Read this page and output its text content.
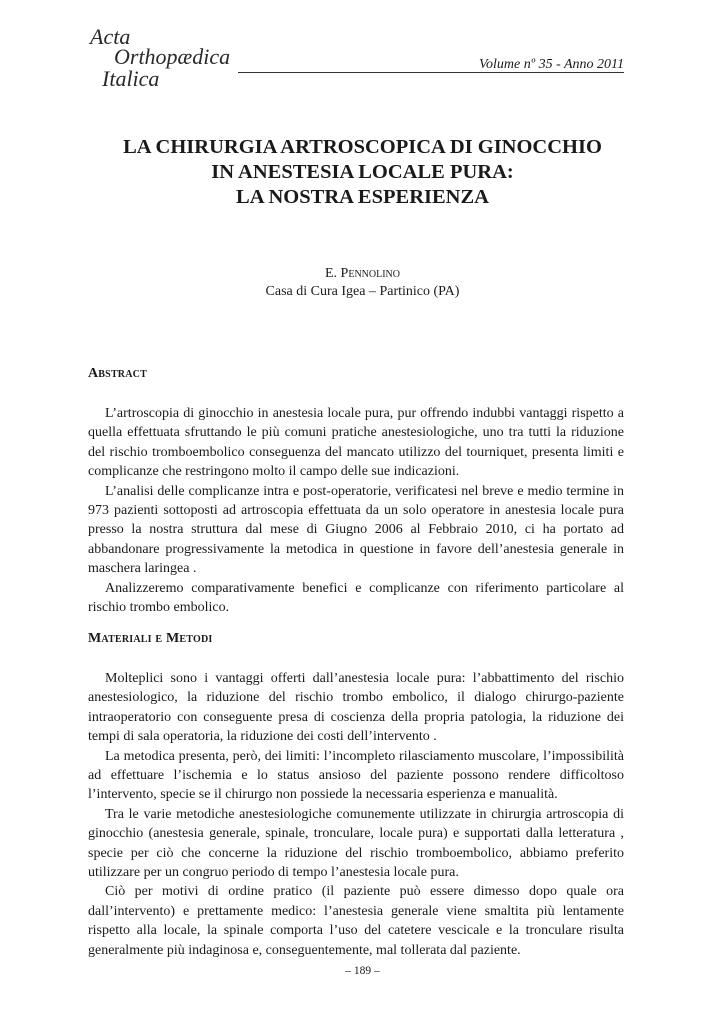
Acta
Orthopædica
Italica
Volume nº 35 - Anno 2011
LA CHIRURGIA ARTROSCOPICA DI GINOCCHIO
IN ANESTESIA LOCALE PURA:
LA NOSTRA ESPERIENZA
E. Pennolino
Casa di Cura Igea – Partinico (PA)
Abstract

L’artroscopia di ginocchio in anestesia locale pura, pur offrendo indubbi vantaggi rispetto a quella effettuata sfruttando le più comuni pratiche anestesiologiche, uno tra tutti la riduzione del rischio tromboembolico conseguenza del mancato utilizzo del tourniquet, presenta limiti e complicanze che restringono molto il campo delle sue indicazioni.

L’analisi delle complicanze intra e post-operatorie, verificatesi nel breve e medio termine in 973 pazienti sottoposti ad artroscopia effettuata da un solo operatore in anestesia locale pura presso la nostra struttura dal mese di Giugno 2006 al Febbraio 2010, ci ha portato ad abbandonare progressivamente la metodica in questione in favore dell’anestesia generale in maschera laringea .

Analizzeremo comparativamente benefici e complicanze con riferimento particolare al rischio trombo embolico.

Materiali e Metodi

Molteplici sono i vantaggi offerti dall’anestesia locale pura: l’abbattimento del rischio anestesiologico, la riduzione del rischio trombo embolico, il dialogo chirurgo-paziente intraoperatorio con conseguente presa di coscienza della propria patologia, la riduzione dei tempi di sala operatoria, la riduzione dei costi dell’intervento .

La metodica presenta, però, dei limiti: l’incompleto rilasciamento muscolare, l’impossibilità ad effettuare l’ischemia e lo status ansioso del paziente possono rendere difficoltoso l’intervento, specie se il chirurgo non possiede la necessaria esperienza e manualità.

Tra le varie metodiche anestesiologiche comunemente utilizzate in chirurgia artroscopia di ginocchio (anestesia generale, spinale, tronculare, locale pura) e supportati dalla letteratura , specie per ciò che concerne la riduzione del rischio tromboembolico, abbiamo preferito utilizzare per un congruo periodo di tempo l’anestesia locale pura.

Ciò per motivi di ordine pratico (il paziente può essere dimesso dopo quale ora dall’intervento) e prettamente medico: l’anestesia generale viene smaltita più lentamente rispetto alla locale, la spinale comporta l’uso del catetere vescicale e la tronculare risulta generalmente più indaginosa e, conseguentemente, mal tollerata dal paziente.

– 189 –
